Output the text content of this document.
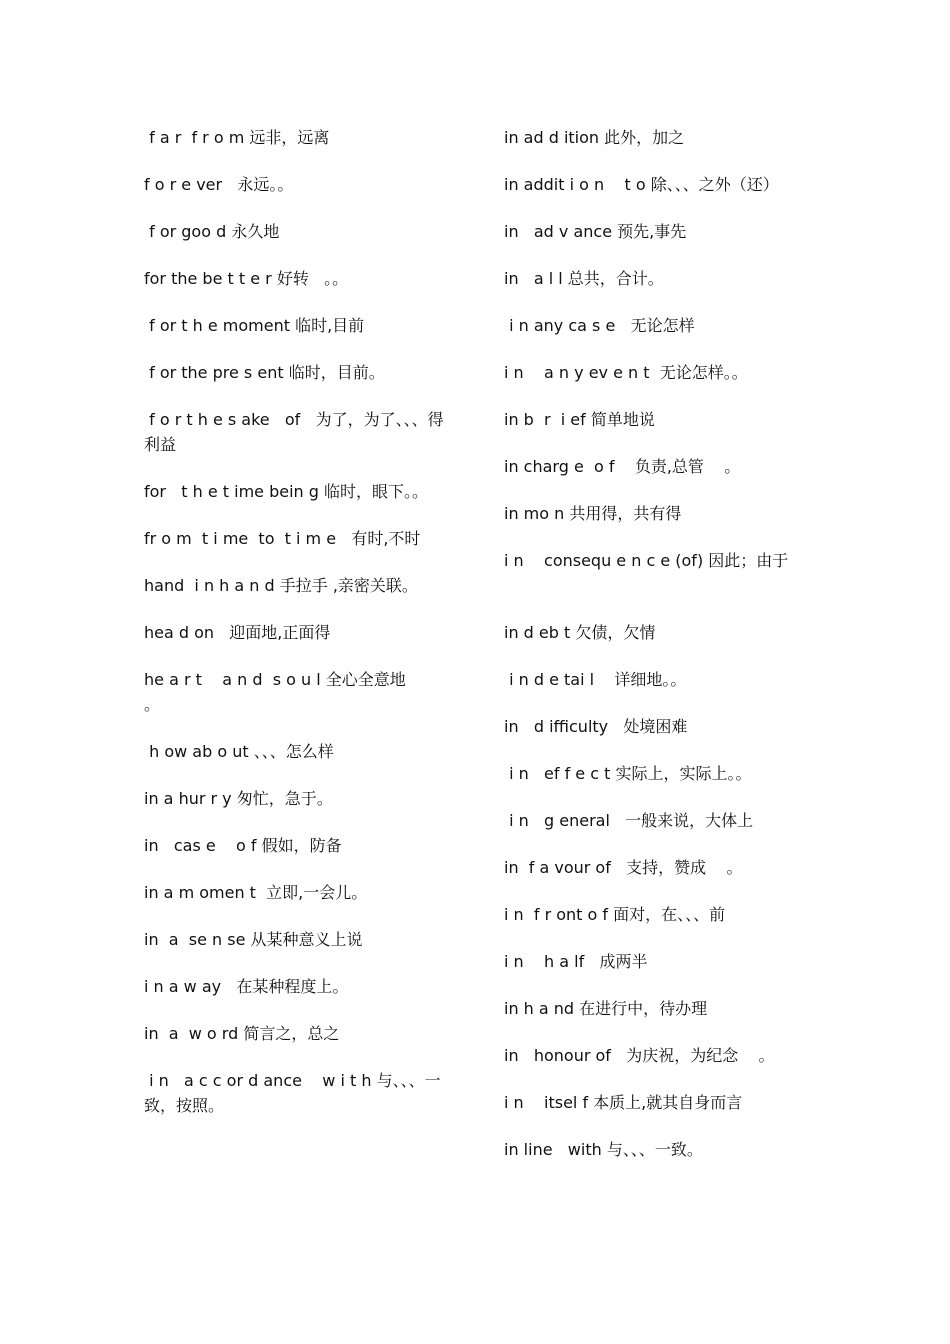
f a r  f r o m 远非，远离
f o r e ver   永远。。
f or goo d 永久地
for the be t t e r 好转   。。
f or t h e moment 临时,目前
f or the pre s ent 临时，目前。
f o r t h e s ake   of   为了，为了、、、得利益
for   t h e t ime bein g 临时，眼下。。
fr o m  t i me  to  t i m e   有时,不时
hand  i n h a n d 手拉手 ,亲密关联。
hea d on   迎面地,正面得
he a r t    a n d  s o u l 全心全意地         。
h ow ab o ut 、、、怎么样
in a hur r y 匆忙，急于。
in   cas e    o f 假如，防备
in a m omen t  立即,一会儿。
in  a  se n se 从某种意义上说
i n a w ay   在某种程度上。
in  a  w o rd 简言之，总之
i n   a c c or d ance    w i t h 与、、、一致，按照。
in ad d ition 此外，加之
in addit i o n    t o 除、、、之外（还）
in   ad v ance 预先,事先
in   a l l 总共，合计。
i n any ca s e   无论怎样
i n    a n y ev e n t  无论怎样。。
in b  r  i ef 简单地说
in charg e  o f    负责,总管    。
in mo n 共用得，共有得
i n    consequ e n c e (of) 因此；由于
in d eb t 欠债，欠情
i n d e tai l    详细地。。
in   d ifficulty   处境困难
i n   ef f e c t 实际上，实际上。。
i n   g eneral   一般来说，大体上
in  f a vour of   支持，赞成    。
i n  f r ont o f 面对，在、、、前
i n    h a lf   成两半
in h a nd 在进行中，待办理
in   honour of   为庆祝，为纪念    。
i n    itsel f 本质上,就其自身而言
in line   with 与、、、一致。
